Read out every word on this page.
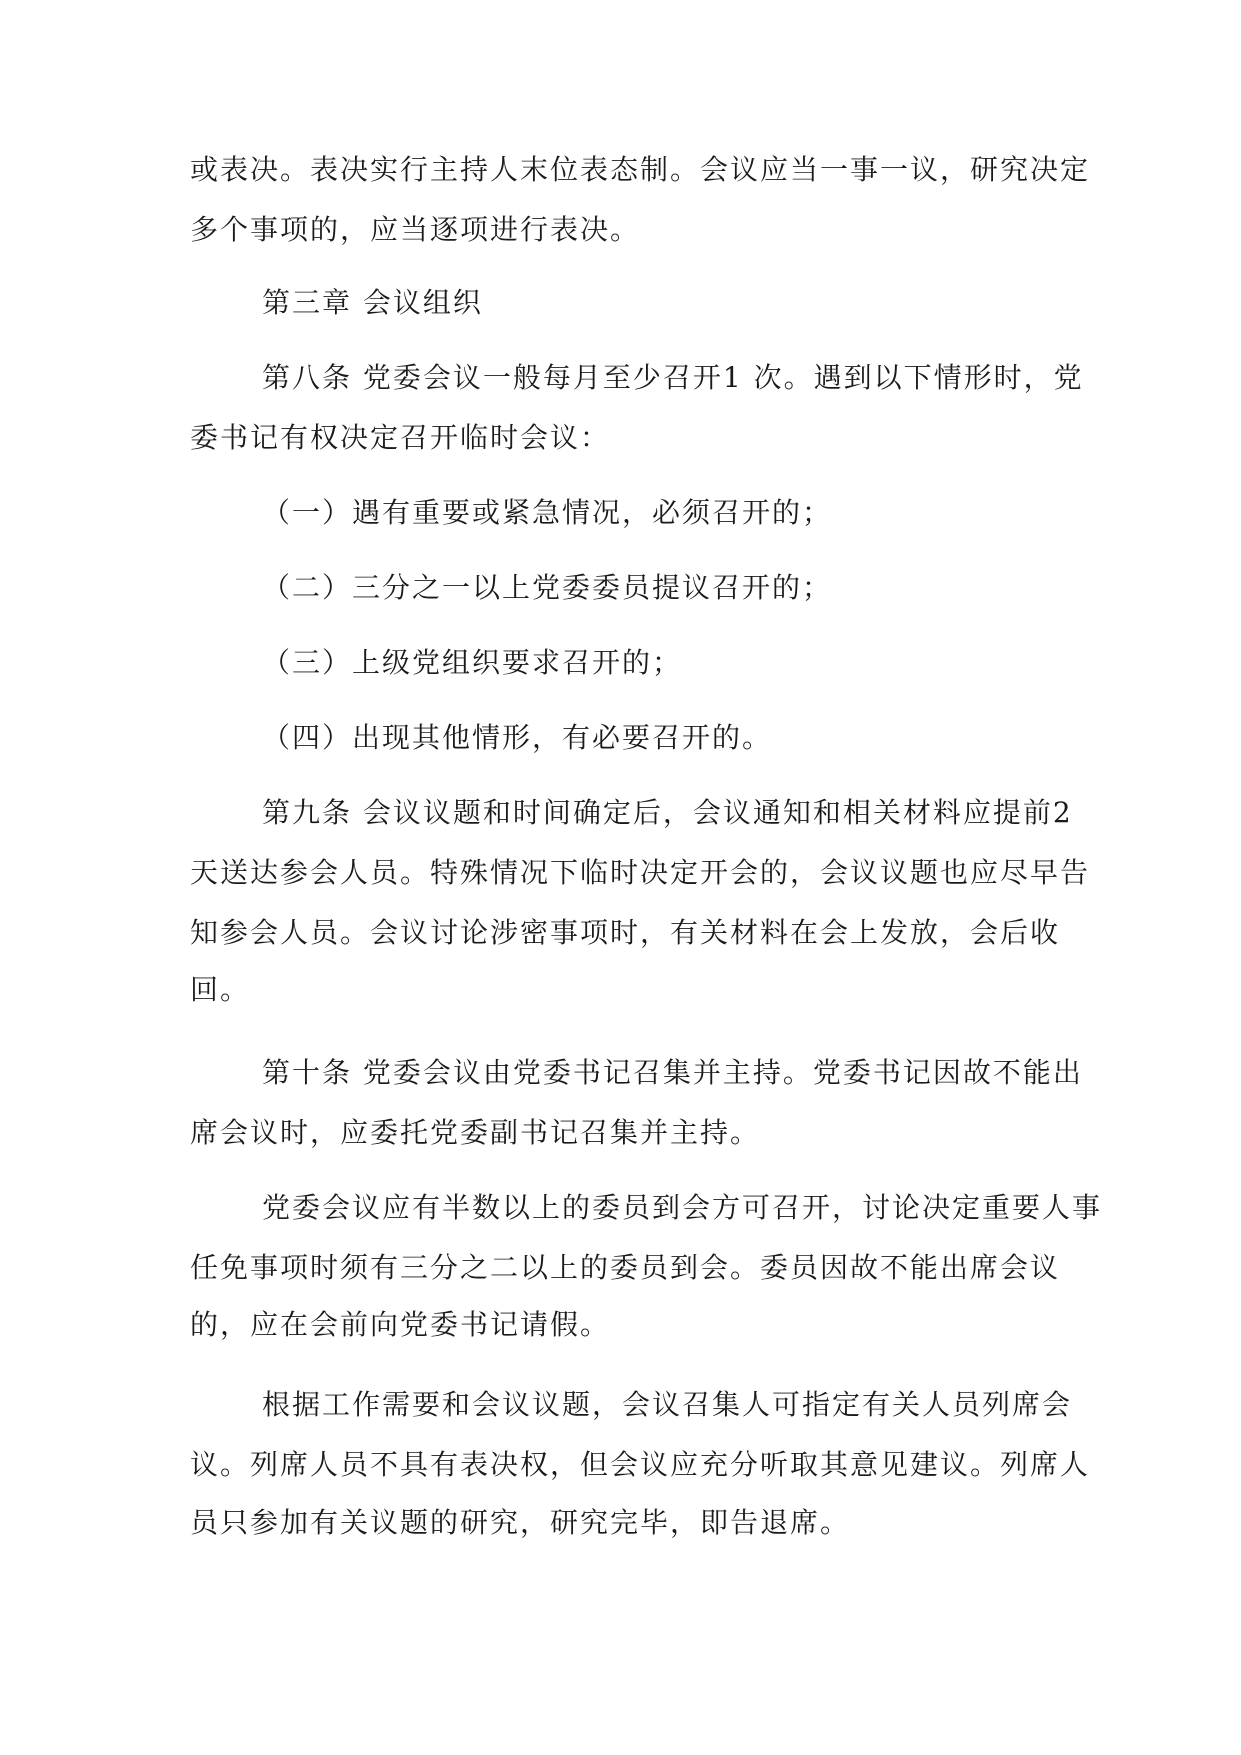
或表决。表决实行主持人末位表态制。会议应当一事一议，研究决定

多个事项的，应当逐项进行表决。

第三章 会议组织

第八条 党委会议一般每月至少召开1 次。遇到以下情形时，党

委书记有权决定召开临时会议：

（一）遇有重要或紧急情况，必须召开的；

（二）三分之一以上党委委员提议召开的；

（三）上级党组织要求召开的；

（四）出现其他情形，有必要召开的。

第九条 会议议题和时间确定后，会议通知和相关材料应提前2

天送达参会人员。特殊情况下临时决定开会的，会议议题也应尽早告

知参会人员。会议讨论涉密事项时，有关材料在会上发放，会后收

回。

第十条 党委会议由党委书记召集并主持。党委书记因故不能出

席会议时，应委托党委副书记召集并主持。

党委会议应有半数以上的委员到会方可召开，讨论决定重要人事

任免事项时须有三分之二以上的委员到会。委员因故不能出席会议

的，应在会前向党委书记请假。

根据工作需要和会议议题，会议召集人可指定有关人员列席会

议。列席人员不具有表决权，但会议应充分听取其意见建议。列席人

员只参加有关议题的研究，研究完毕，即告退席。
